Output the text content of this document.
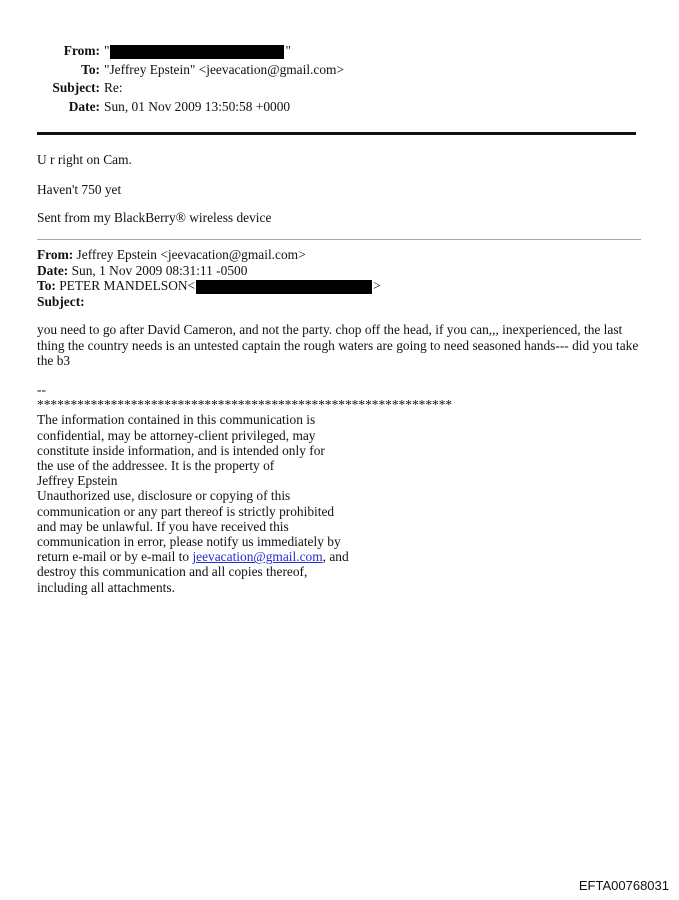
From: "	"
To: "Jeffrey Epstein" <jeevacation@gmail.com>
Subject: Re:
Date: Sun, 01 Nov 2009 13:50:58 +0000
U r right on Cam.
Haven't 750 yet
Sent from my BlackBerry® wireless device
From: Jeffrey Epstein <jeevacation@gmail.com>
Date: Sun, 1 Nov 2009 08:31:11 -0500
To: PETER MANDELSON<	>
Subject:
you need to go after David Cameron, and not the party. chop off the head, if you can,,, inexperienced, the last thing the country needs is an untested captain the rough waters are going to need seasoned hands--- did you take the b3
--
**************************************************************
The information contained in this communication is
confidential, may be attorney-client privileged, may
constitute inside information, and is intended only for
the use of the addressee. It is the property of
Jeffrey Epstein
Unauthorized use, disclosure or copying of this
communication or any part thereof is strictly prohibited
and may be unlawful. If you have received this
communication in error, please notify us immediately by
return e-mail or by e-mail to jeevacation@gmail.com, and
destroy this communication and all copies thereof,
including all attachments.
EFTA00768031
